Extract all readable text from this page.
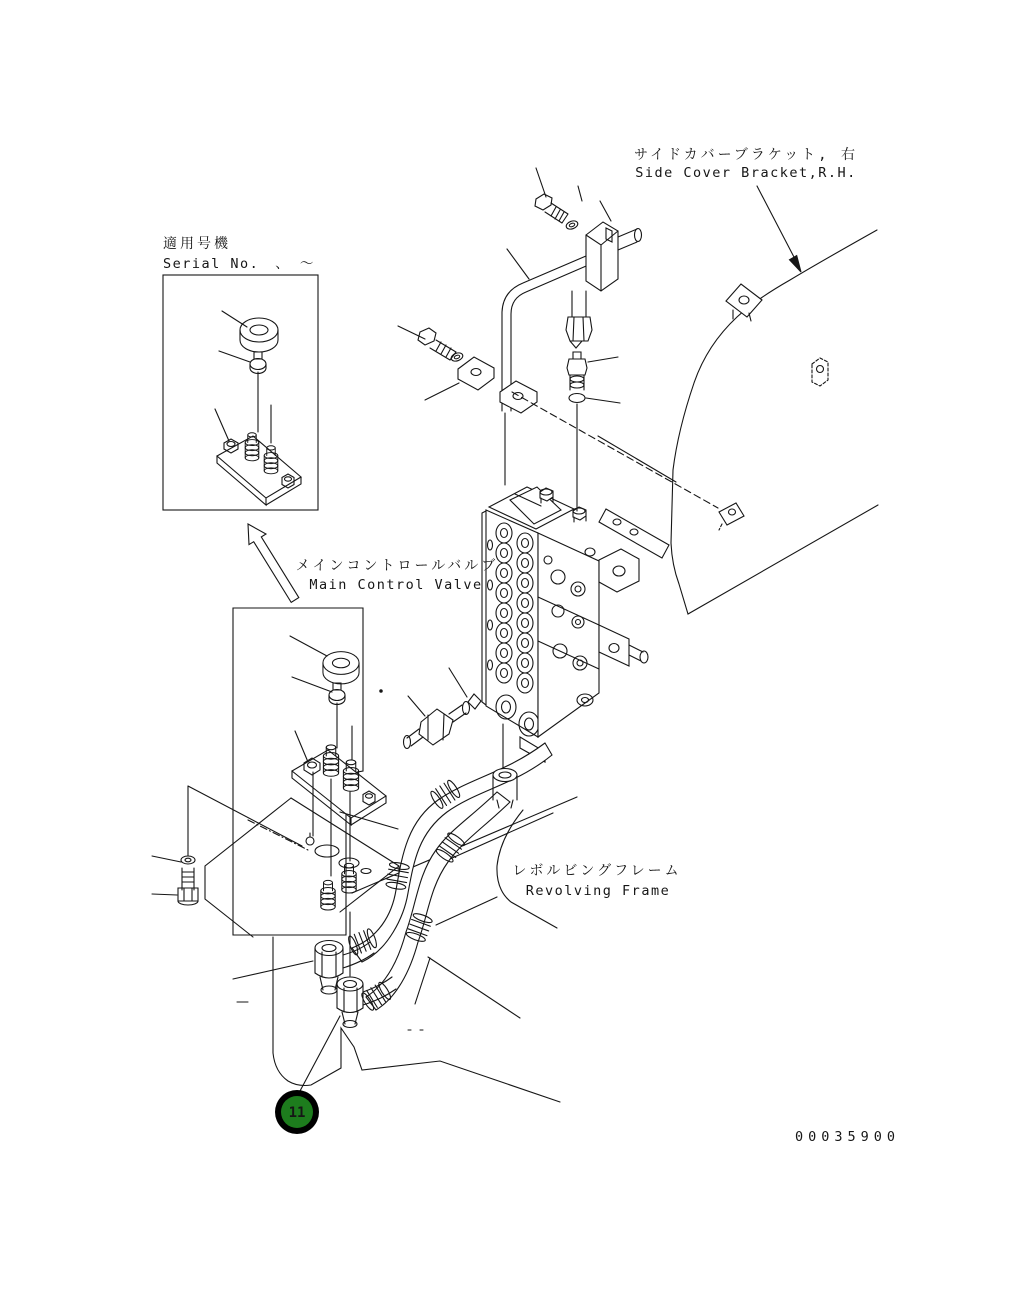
11
サイドカバーブラケット, 右
Side Cover Bracket,R.H.
適用号機
Serial No. 、 ～
メインコントロールバルブ
Main Control Valve
レボルビングフレーム
Revolving Frame
00035900
